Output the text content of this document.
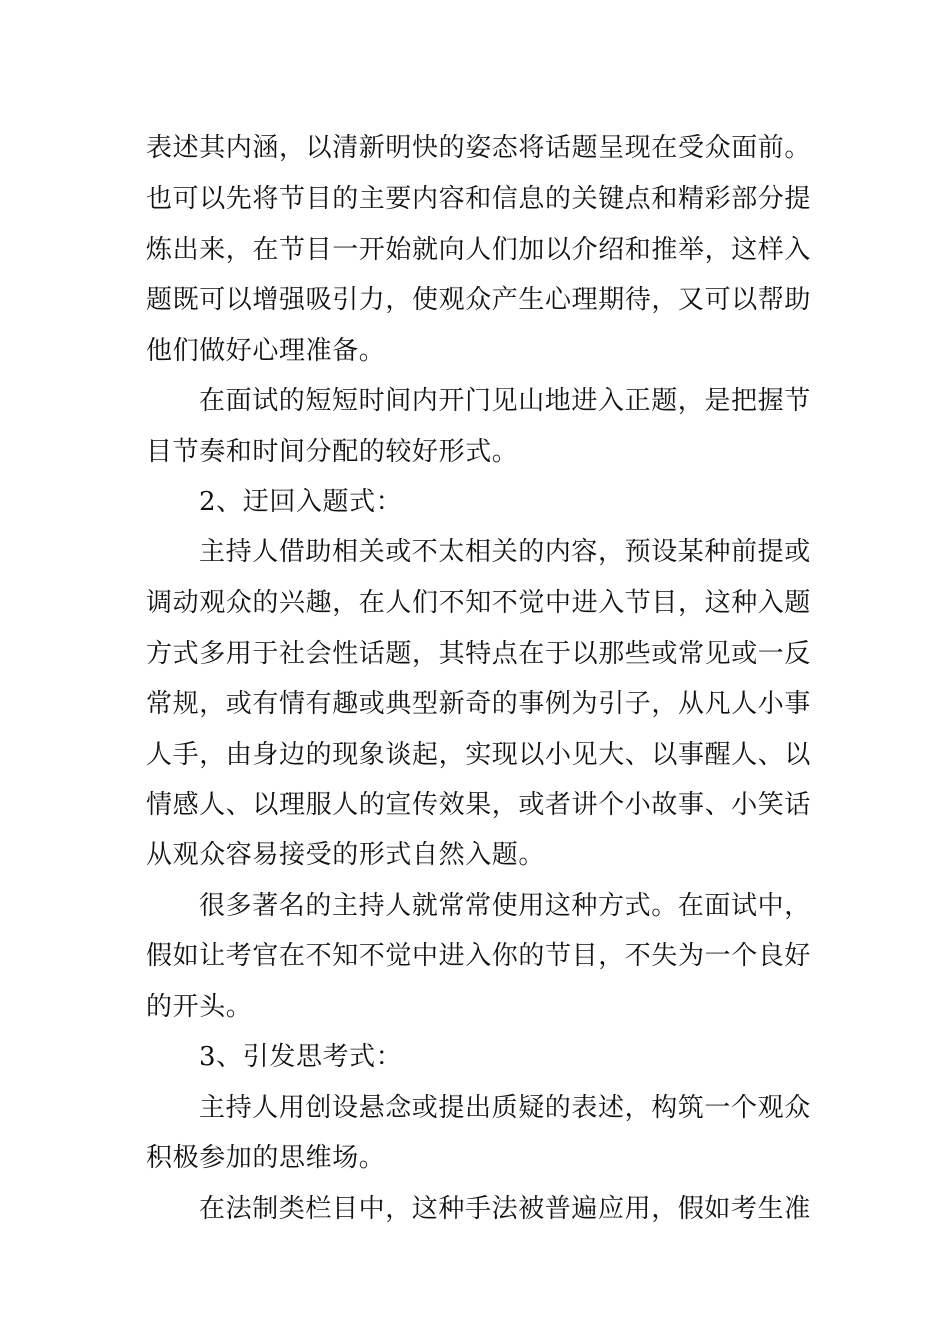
表述其内涵，以清新明快的姿态将话题呈现在受众面前。
也可以先将节目的主要内容和信息的关键点和精彩部分提
炼出来，在节目一开始就向人们加以介绍和推举，这样入
题既可以增强吸引力，使观众产生心理期待，又可以帮助
他们做好心理准备。
在面试的短短时间内开门见山地进入正题，是把握节
目节奏和时间分配的较好形式。
2、迂回入题式：
主持人借助相关或不太相关的内容，预设某种前提或
调动观众的兴趣，在人们不知不觉中进入节目，这种入题
方式多用于社会性话题，其特点在于以那些或常见或一反
常规，或有情有趣或典型新奇的事例为引子，从凡人小事
人手，由身边的现象谈起，实现以小见大、以事醒人、以
情感人、以理服人的宣传效果，或者讲个小故事、小笑话
从观众容易接受的形式自然入题。
很多著名的主持人就常常使用这种方式。在面试中，
假如让考官在不知不觉中进入你的节目，不失为一个良好
的开头。
3、引发思考式：
主持人用创设悬念或提出质疑的表述，构筑一个观众
积极参加的思维场。
在法制类栏目中，这种手法被普遍应用，假如考生准
